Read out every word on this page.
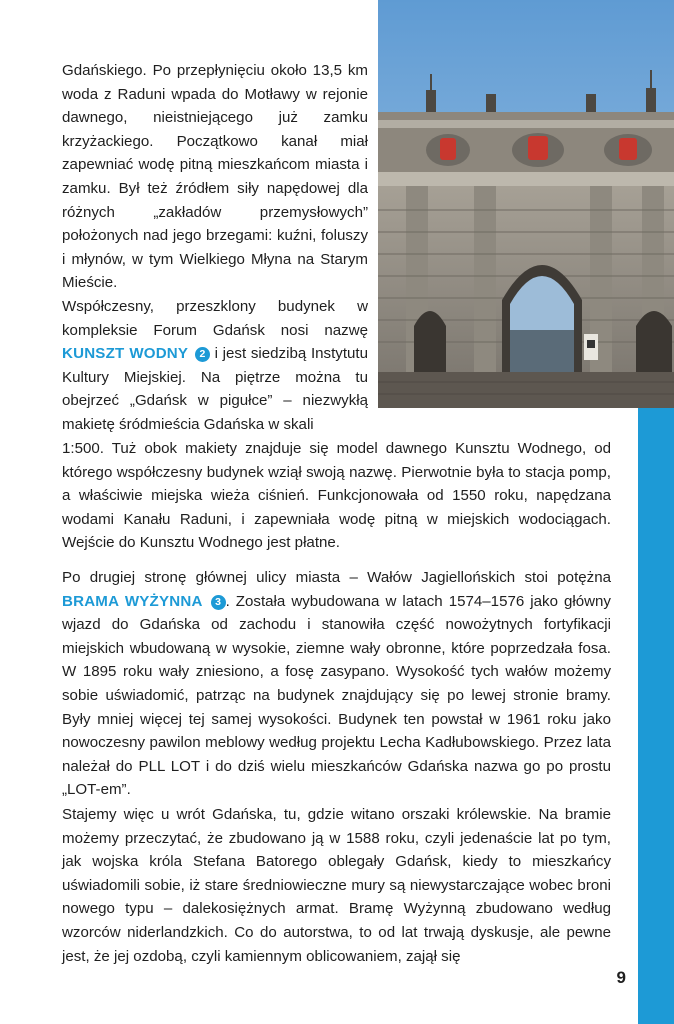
Gdańskiego. Po przepłynięciu około 13,5 km woda z Raduni wpada do Motławy w rejonie dawnego, nieistniejącego już zamku krzyżackiego. Początkowo kanał miał zapewniać wodę pitną mieszkańcom miasta i zamku. Był też źródłem siły napędowej dla różnych „zakładów przemysłowych” położonych nad jego brzegami: kuźni, foluszy i młynów, w tym Wielkiego Młyna na Starym Mieście.

Współczesny, przeszklony budynek w kompleksie Forum Gdańsk nosi nazwę KUNSZT WODNY 2 i jest siedzibą Instytutu Kultury Miejskiej. Na piętrze można tu obejrzeć „Gdańsk w pigułce” – niezwykłą makietę śródmieścia Gdańska w skali

1:500. Tuż obok makiety znajduje się model dawnego Kunsztu Wodnego, od którego współczesny budynek wziął swoją nazwę. Pierwotnie była to stacja pomp, a właściwie miejska wieża ciśnień. Funkcjonowała od 1550 roku, napędzana wodami Kanału Raduni, i zapewniała wodę pitną w miejskich wodociągach. Wejście do Kunsztu Wodnego jest płatne.

Po drugiej stronę głównej ulicy miasta – Wałów Jagiellońskich stoi potężna BRAMA WYŻYNNA 3 . Została wybudowana w latach 1574–1576 jako główny wjazd do Gdańska od zachodu i stanowiła część nowożytnych fortyfikacji miejskich wbudowaną w wysokie, ziemne wały obronne, które poprzedzała fosa. W 1895 roku wały zniesiono, a fosę zasypano. Wysokość tych wałów możemy sobie uświadomić, patrząc na budynek znajdujący się po lewej stronie bramy. Były mniej więcej tej samej wysokości. Budynek ten powstał w 1961 roku jako nowoczesny pawilon meblowy według projektu Lecha Kadłubowskiego. Przez lata należał do PLL LOT i do dziś wielu mieszkańców Gdańska nazwa go po prostu „LOT-em”.

Stajemy więc u wrót Gdańska, tu, gdzie witano orszaki królewskie. Na bramie możemy przeczytać, że zbudowano ją w 1588 roku, czyli jedenaście lat po tym, jak wojska króla Stefana Batorego oblegały Gdańsk, kiedy to mieszkańcy uświadomili sobie, iż stare średniowieczne mury są niewystarczające wobec broni nowego typu – dalekosiężnych armat. Bramę Wyżynną zbudowano według wzorców niderlandzkich. Co do autorstwa, to od lat trwają dyskusje, ale pewne jest, że jej ozdobą, czyli kamiennym oblicowaniem, zajął się

9
